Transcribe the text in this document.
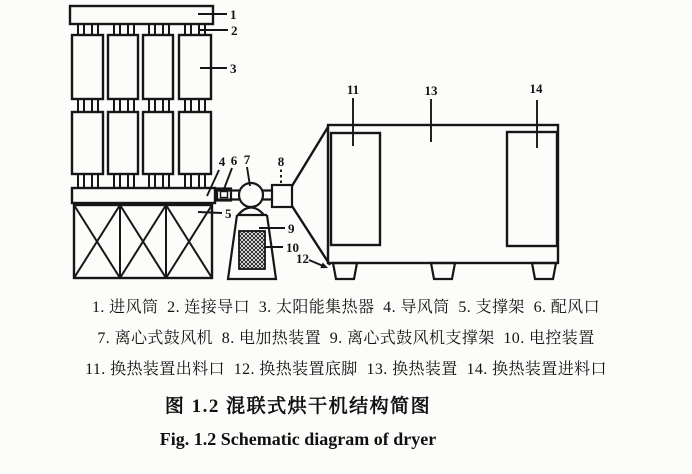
1
2
3
4
5
6 7 8
9
10
11
12
13	14

1. 进风筒  2. 连接导口  3. 太阳能集热器  4. 导风筒  5. 支撑架  6. 配风口

7. 离心式鼓风机  8. 电加热装置  9. 离心式鼓风机支撑架  10. 电控装置

11. 换热装置出料口  12. 换热装置底脚  13. 换热装置  14. 换热装置进料口

图 1.2 混联式烘干机结构简图

Fig. 1.2 Schematic diagram of dryer
